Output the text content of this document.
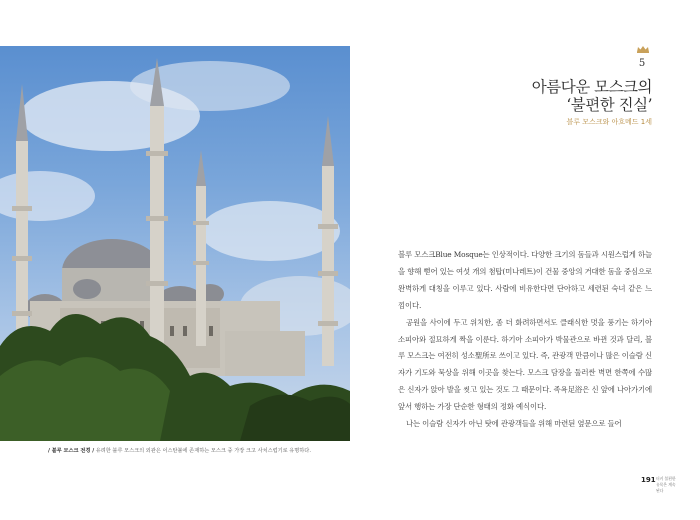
/ 블루 모스크 전경 / 유려한 블루 모스크의 외관은 이스탄불에 존재하는 모스크 중 가장 크고 사치스럽기로 유명하다.
5
아름다운 모스크의
‘불편한 진실’
블루 모스크와 아흐메드 1세

블루 모스크Blue Mosque는 인상적이다. 다양한 크기의 돔들과 시원스럽게 하늘을 향해 뻗어 있는 여섯 개의 첨탑(미나레트)이 건물 중앙의 거대한 돔을 중심으로 완벽하게 대칭을 이루고 있다. 사람에 비유한다면 단아하고 세련된 숙녀 같은 느낌이다.

공원을 사이에 두고 위치한, 좀 더 화려하면서도 클래식한 멋을 풍기는 하기아 소피아와 절묘하게 짝을 이룬다. 하기아 소피아가 박물관으로 바뀐 것과 달리, 블루 모스크는 여전히 성소聖所로 쓰이고 있다. 즉, 관광객 만큼이나 많은 이슬람 신자가 기도와 묵상을 위해 이곳을 찾는다. 모스크 담장을 둘러싼 벽면 한쪽에 수많은 신자가 앉아 발을 씻고 있는 것도 그 때문이다. 족욕足浴은 신 앞에 나아가기에 앞서 행하는 가장 단순한 형태의 정화 예식이다.

나는 이슬람 신자가 아닌 탓에 관광객들을 위해 마련된 옆문으로 들어

191 터키 불편한 유목은 계속된다
